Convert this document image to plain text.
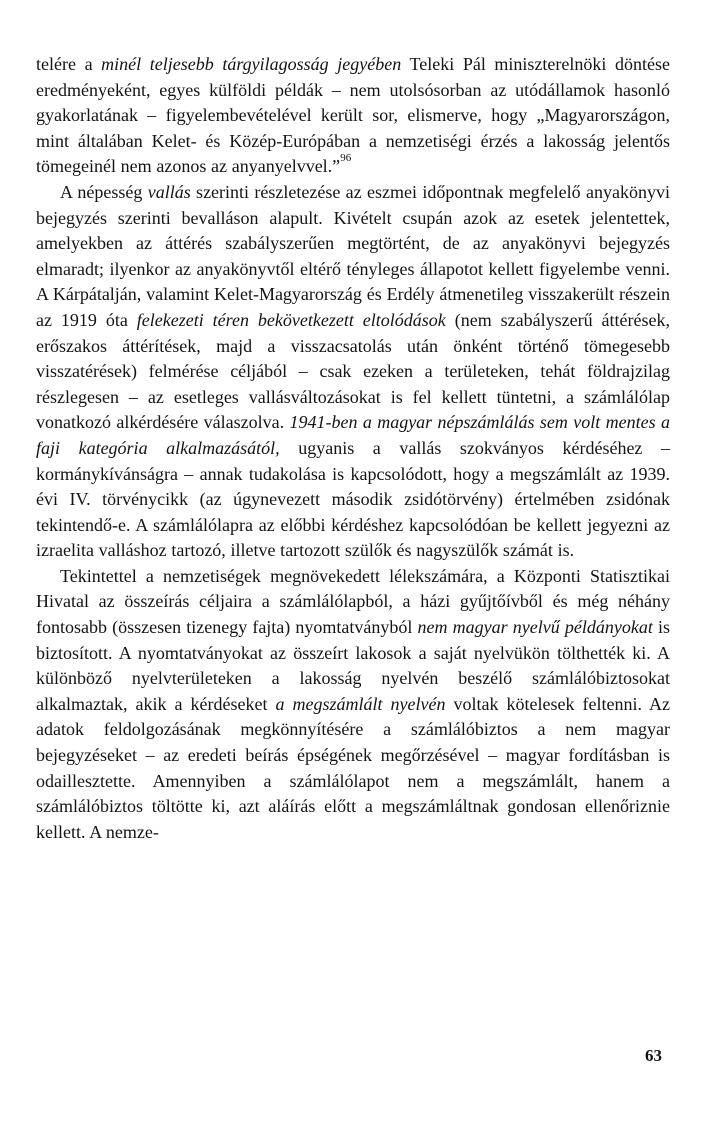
telére a minél teljesebb tárgyilagosság jegyében Teleki Pál miniszterelnöki döntése eredményeként, egyes külföldi példák – nem utolsósorban az utódállamok hasonló gyakorlatának – figyelembevételével került sor, elismerve, hogy „Magyarországon, mint általában Kelet- és Közép-Európában a nemzetiségi érzés a lakosság jelentős tömegeinél nem azonos az anyanyelvvel.”$^{96}$

A népesség vallás szerinti részletezése az eszmei időpontnak megfelelő anyakönyvi bejegyzés szerinti bevalláson alapult. Kivételt csupán azok az esetek jelentettek, amelyekben az áttérés szabályszerűen megtörtént, de az anyakönyvi bejegyzés elmaradt; ilyenkor az anyakönyvtől eltérő tényleges állapotot kellett figyelembe venni. A Kárpátalján, valamint Kelet-Magyarország és Erdély átmenetileg visszakerült részein az 1919 óta felekezeti téren bekövetkezett eltolódások (nem szabályszerű áttérések, erőszakos áttérítések, majd a visszacsatolás után önként történő tömegesebb visszatérések) felmérése céljából – csak ezeken a területeken, tehát földrajzilag részlegesen – az esetleges vallásváltozásokat is fel kellett tüntetni, a számlálólap vonatkozó alkérdésére válaszolva. 1941-ben a magyar népszámlálás sem volt mentes a faji kategória alkalmazásától, ugyanis a vallás szokványos kérdéséhez – kormánykívánságra – annak tudakolása is kapcsolódott, hogy a megszámlált az 1939. évi IV. törvénycikk (az úgynevezett második zsidótörvény) értelmében zsidónak tekintendő-e. A számlálólapra az előbbi kérdéshez kapcsolódóan be kellett jegyezni az izraelita valláshoz tartozó, illetve tartozott szülők és nagyszülők számát is.

Tekintettel a nemzetiségek megnövekedett lélekszámára, a Központi Statisztikai Hivatal az összeírás céljaira a számlálólapból, a házi gyűjtőívből és még néhány fontosabb (összesen tizenegy fajta) nyomtatványból nem magyar nyelvű példányokat is biztosított. A nyomtatványokat az összeírt lakosok a saját nyelvükön tölthették ki. A különböző nyelvterületeken a lakosság nyelvén beszélő számlálóbiztosokat alkalmaztak, akik a kérdéseket a megszámlált nyelvén voltak kötelesek feltenni. Az adatok feldolgozásának megkönnyítésére a számlálóbiztos a nem magyar bejegyzéseket – az eredeti beírás épségének megőrzésével – magyar fordításban is odaillesztette. Amennyiben a számlálólapot nem a megszámlált, hanem a számlálóbiztos töltötte ki, azt aláírás előtt a megszámláltnak gondosan ellenőriznie kellett. A nemze-

63
